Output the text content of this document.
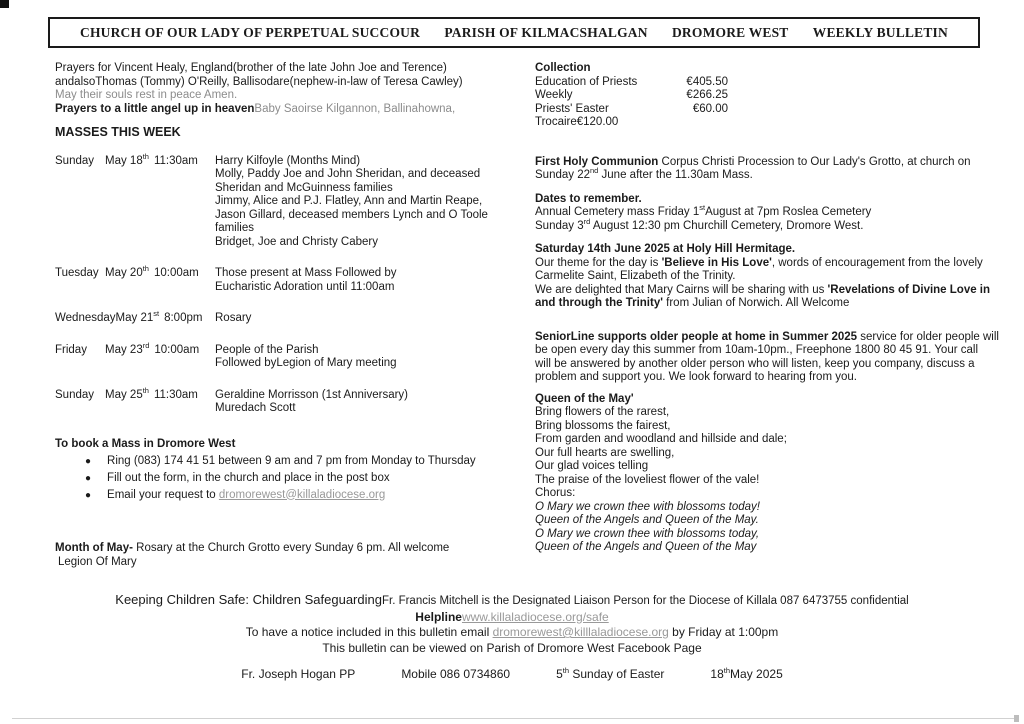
CHURCH OF OUR LADY OF PERPETUAL SUCCOUR PARISH OF KILMACSHALGAN DROMORE WEST WEEKLY BULLETIN
Prayers for Vincent Healy, England(brother of the late John Joe and Terence)
andalsoThomas (Tommy) O'Reilly, Ballisodare(nephew-in-law of Teresa Cawley)
May their souls rest in peace Amen.
Prayers to a little angel up in heavenBaby Saoirse Kilgannon, Ballinahowna,
MASSES THIS WEEK
Sunday May 18th 11:30am	Harry Kilfoyle (Months Mind)
Molly, Paddy Joe and John Sheridan, and deceased
Sheridan and McGuinness families
Jimmy, Alice and P.J. Flatley, Ann and Martin Reape,
Jason Gillard, deceased members Lynch and O Toole
families
Bridget, Joe and Christy Cabery
Tuesday May 20th 10:00am	Those present at Mass Followed by
Eucharistic Adoration until 11:00am
WednesdayMay 21st 8:00pm	Rosary
Friday May 23rd 10:00am	People of the Parish
Followed byLegion of Mary meeting
Sunday May 25th 11:30am	Geraldine Morrisson (1st Anniversary)
Muredach Scott
To book a Mass in Dromore West
● Ring (083) 174 41 51 between 9 am and 7 pm from Monday to Thursday
● Fill out the form, in the church and place in the post box
● Email your request to dromorewest@killaladiocese.org
Month of May- Rosary at the Church Grotto every Sunday 6 pm. All welcome
Legion Of Mary
Collection
Education of Priests	€405.50
Weekly	€266.25
Priests' Easter	€60.00
Trocaire€120.00
First Holy Communion Corpus Christi Procession to Our Lady's Grotto, at church on
Sunday 22nd June after the 11.30am Mass.
Dates to remember.
Annual Cemetery mass Friday 1stAugust at 7pm Roslea Cemetery
Sunday 3rd August 12:30 pm Churchill Cemetery, Dromore West.
Saturday 14th June 2025 at Holy Hill Hermitage.
Our theme for the day is 'Believe in His Love', words of encouragement from the lovely
Carmelite Saint, Elizabeth of the Trinity.
We are delighted that Mary Cairns will be sharing with us 'Revelations of Divine Love in
and through the Trinity' from Julian of Norwich. All Welcome
SeniorLine supports older people at home in Summer 2025 service for older people will
be open every day this summer from 10am-10pm., Freephone 1800 80 45 91. Your call
will be answered by another older person who will listen, keep you company, discuss a
problem and support you. We look forward to hearing from you.
Queen of the May'
Bring flowers of the rarest,
Bring blossoms the fairest,
From garden and woodland and hillside and dale;
Our full hearts are swelling,
Our glad voices telling
The praise of the loveliest flower of the vale!
Chorus:
O Mary we crown thee with blossoms today!
Queen of the Angels and Queen of the May.
O Mary we crown thee with blossoms today,
Queen of the Angels and Queen of the May
Keeping Children Safe: Children SafeguardingFr. Francis Mitchell is the Designated Liaison Person for the Diocese of Killala 087 6473755 confidential
Helplinewww.killaladiocese.org/safe
To have a notice included in this bulletin email dromorewest@killlaladiocese.org by Friday at 1:00pm
This bulletin can be viewed on Parish of Dromore West Facebook Page
Fr. Joseph Hogan PP	Mobile 086 0734860	5th Sunday of Easter	18thMay 2025
